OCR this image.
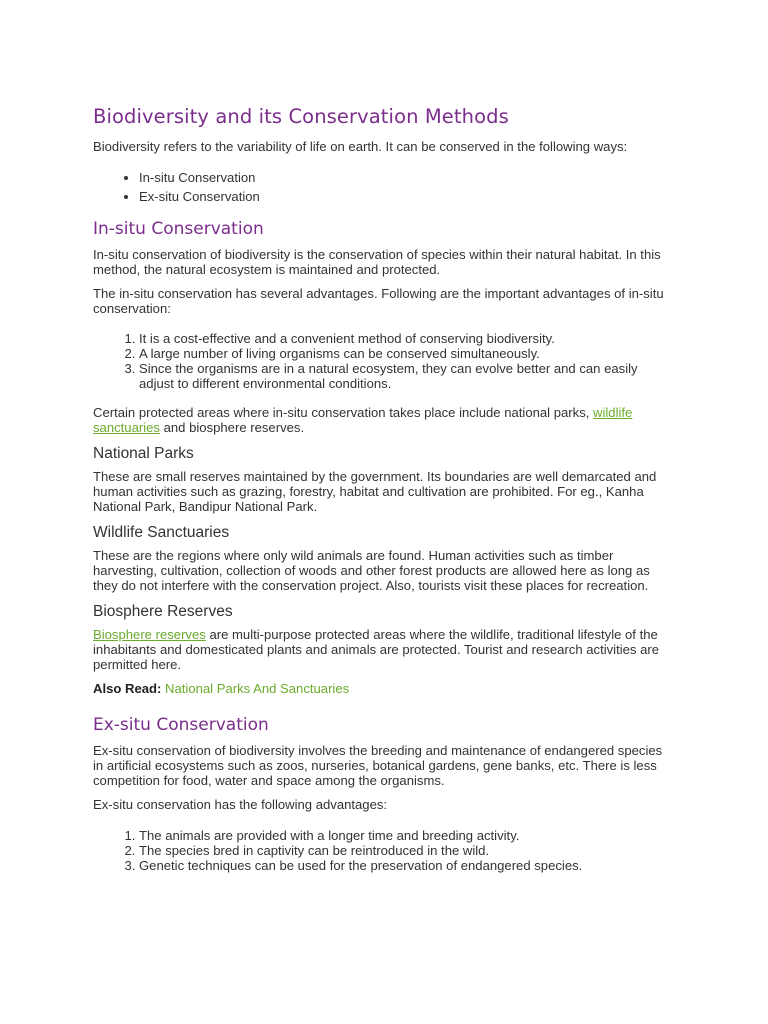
Biodiversity and its Conservation Methods

Biodiversity refers to the variability of life on earth. It can be conserved in the following ways:

• In-situ Conservation
• Ex-situ Conservation
In-situ Conservation

In-situ conservation of biodiversity is the conservation of species within their natural habitat. In this method, the natural ecosystem is maintained and protected.

The in-situ conservation has several advantages. Following are the important advantages of in-situ conservation:

1. It is a cost-effective and a convenient method of conserving biodiversity.
2. A large number of living organisms can be conserved simultaneously.
3. Since the organisms are in a natural ecosystem, they can evolve better and can easily adjust to different environmental conditions.

Certain protected areas where in-situ conservation takes place include national parks, wildlife sanctuaries and biosphere reserves.

National Parks

These are small reserves maintained by the government. Its boundaries are well demarcated and human activities such as grazing, forestry, habitat and cultivation are prohibited. For eg., Kanha National Park, Bandipur National Park.

Wildlife Sanctuaries

These are the regions where only wild animals are found. Human activities such as timber harvesting, cultivation, collection of woods and other forest products are allowed here as long as they do not interfere with the conservation project. Also, tourists visit these places for recreation.

Biosphere Reserves

Biosphere reserves are multi-purpose protected areas where the wildlife, traditional lifestyle of the inhabitants and domesticated plants and animals are protected. Tourist and research activities are permitted here.

Also Read: National Parks And Sanctuaries

Ex-situ Conservation

Ex-situ conservation of biodiversity involves the breeding and maintenance of endangered species in artificial ecosystems such as zoos, nurseries, botanical gardens, gene banks, etc. There is less competition for food, water and space among the organisms.

Ex-situ conservation has the following advantages:

1. The animals are provided with a longer time and breeding activity.
2. The species bred in captivity can be reintroduced in the wild.
3. Genetic techniques can be used for the preservation of endangered species.
